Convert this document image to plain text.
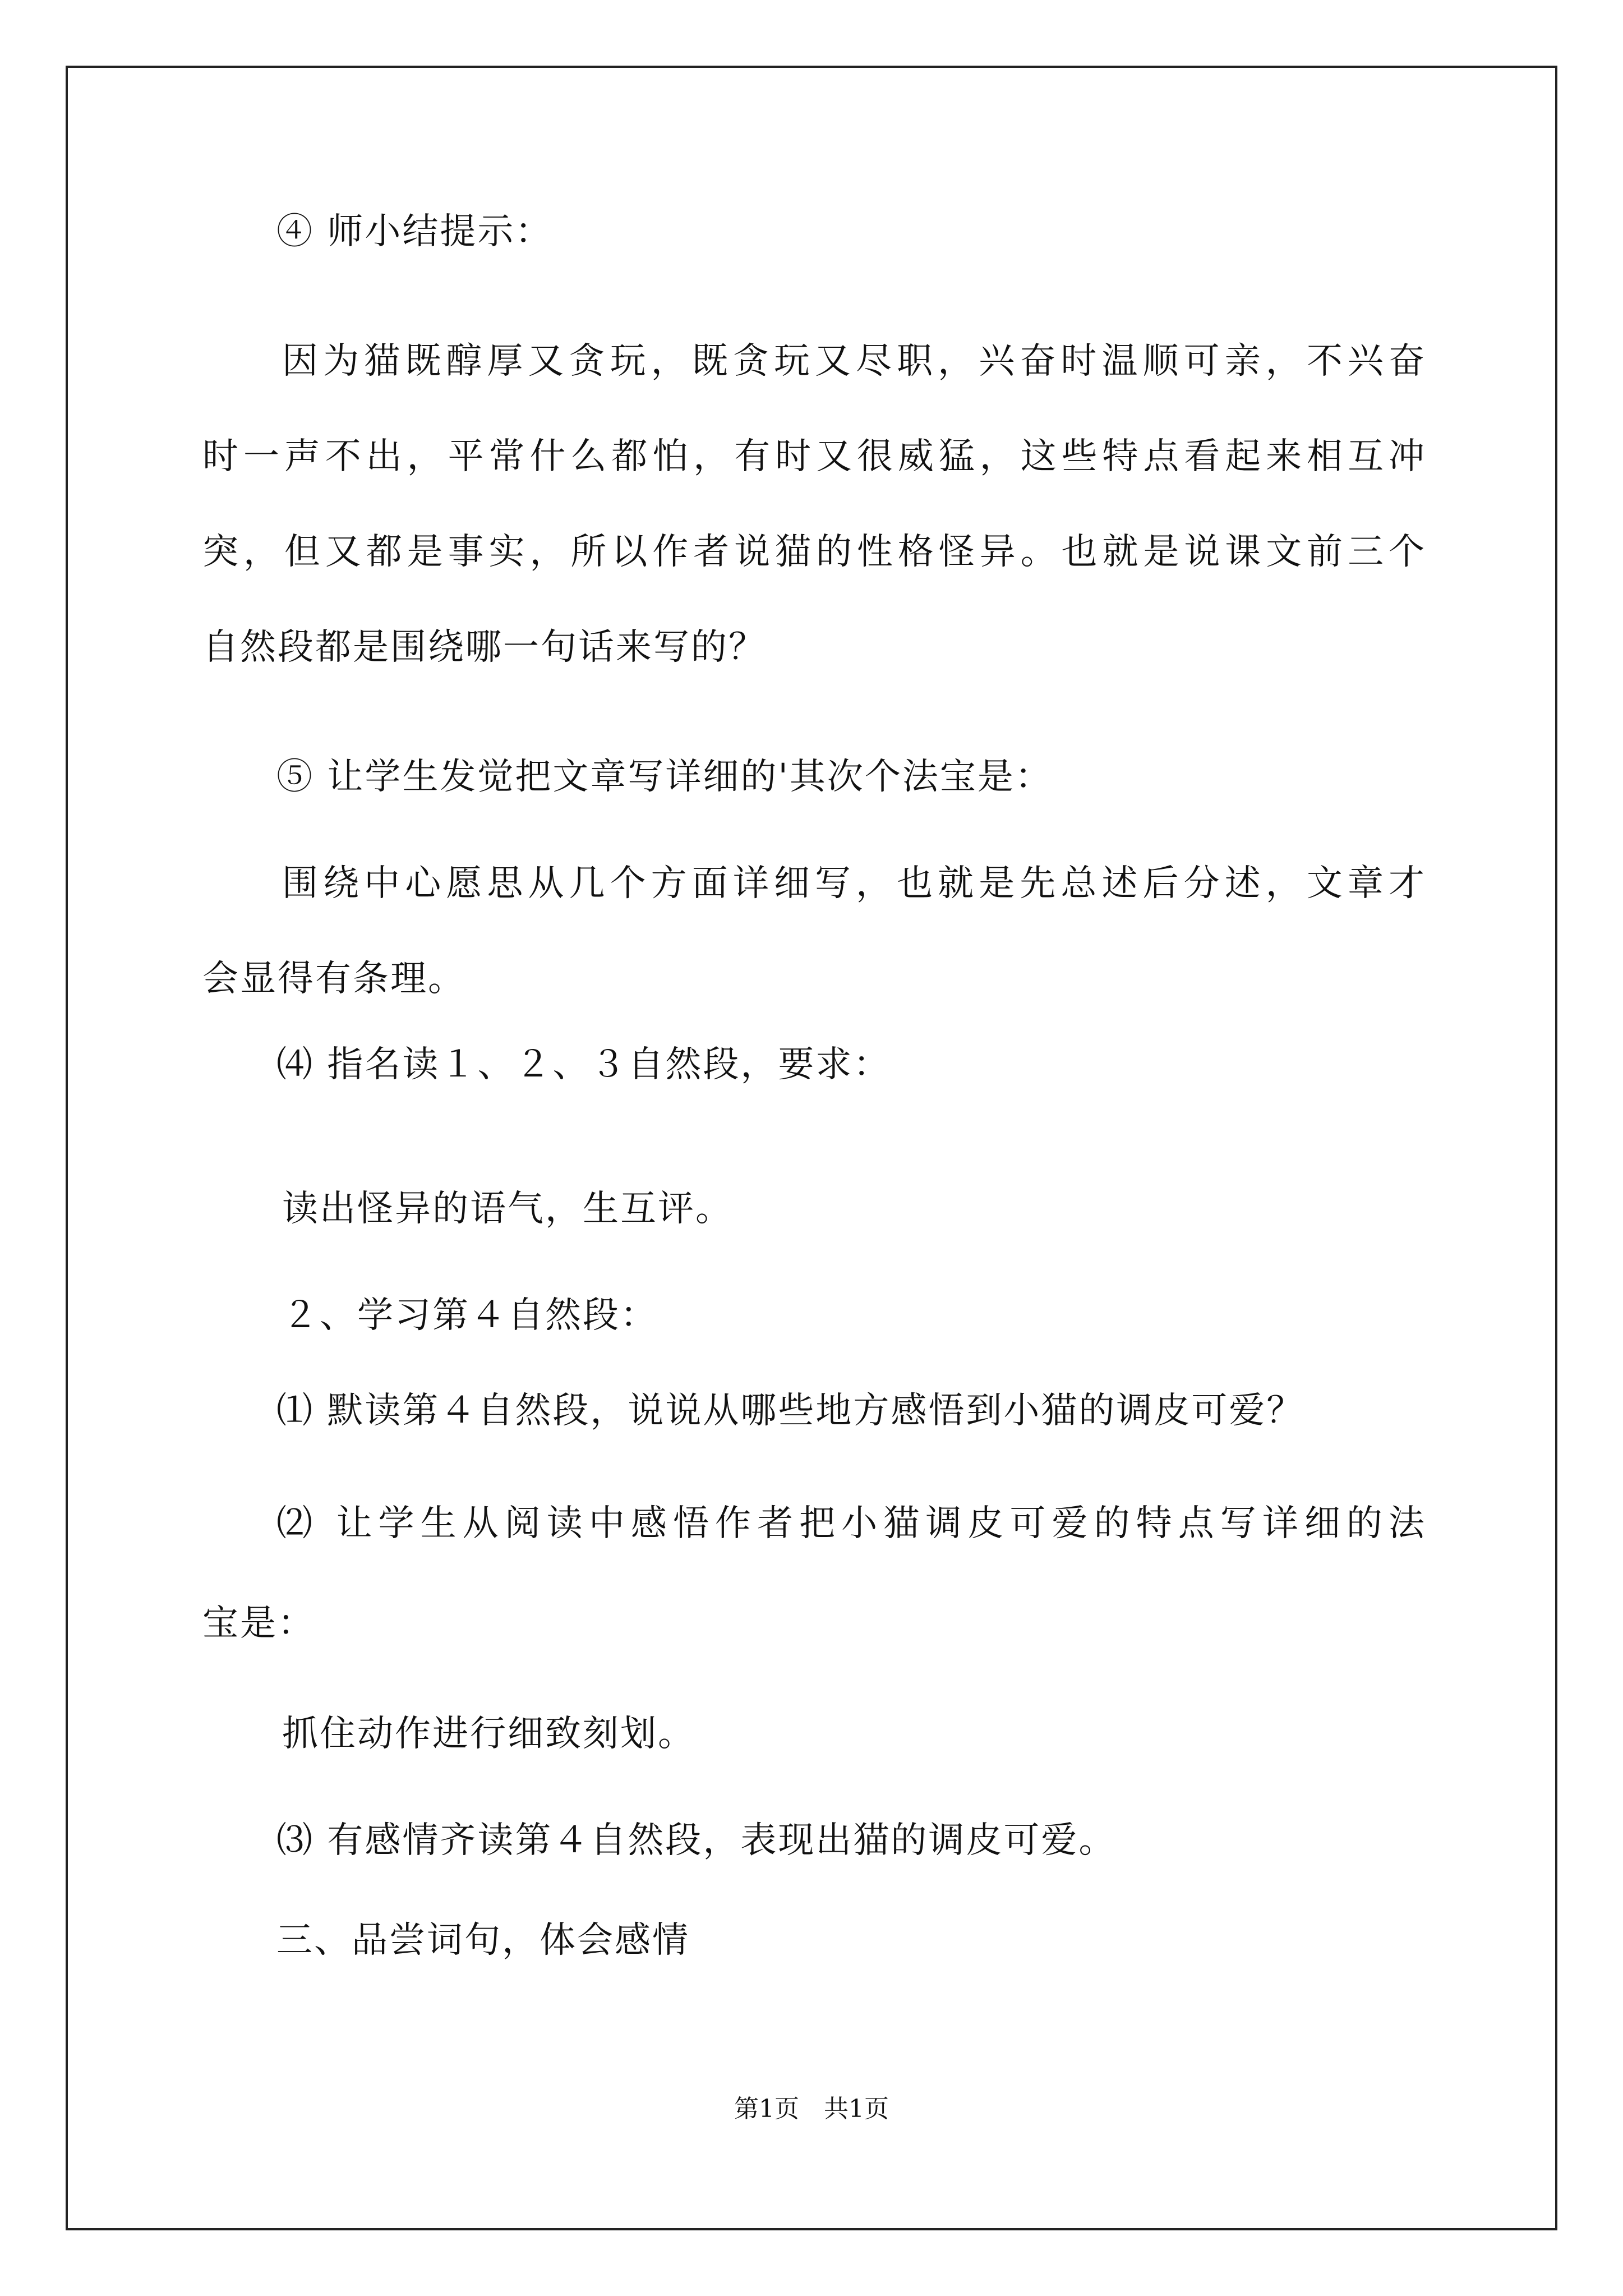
④ 师小结提示：
因为猫既醇厚又贪玩，既贪玩又尽职，兴奋时温顺可亲，不兴奋
时一声不出，平常什么都怕，有时又很威猛，这些特点看起来相互冲
突，但又都是事实，所以作者说猫的性格怪异。也就是说课文前三个
自然段都是围绕哪一句话来写的？
⑤ 让学生发觉把文章写详细的'其次个法宝是：
围绕中心愿思从几个方面详细写，也就是先总述后分述，文章才
会显得有条理。
⑷ 指名读１、２、３自然段，要求：
读出怪异的语气，生互评。
２、学习第４自然段：
⑴ 默读第４自然段，说说从哪些地方感悟到小猫的调皮可爱？
⑵ 让学生从阅读中感悟作者把小猫调皮可爱的特点写详细的法
宝是：
抓住动作进行细致刻划。
⑶ 有感情齐读第４自然段，表现出猫的调皮可爱。
三、品尝词句，体会感情
第1页　共1页
